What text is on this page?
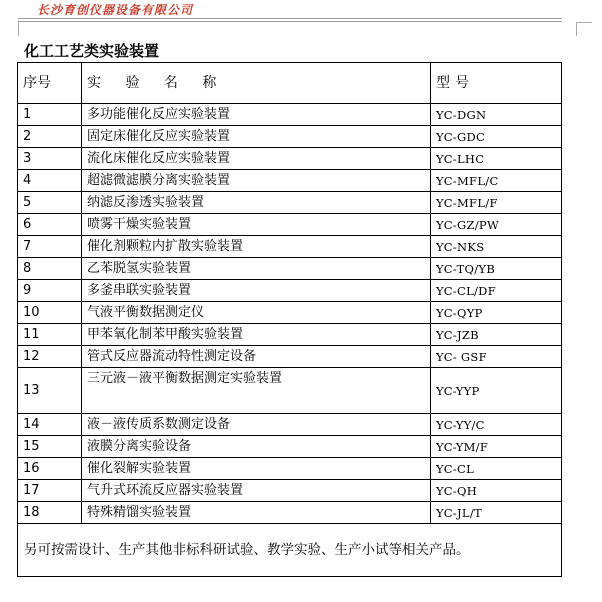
长沙育创仪器设备有限公司
化工工艺类实验装置
序号	实 验 名 称	型 号
1	多功能催化反应实验装置	YC-DGN
2	固定床催化反应实验装置	YC-GDC
3	流化床催化反应实验装置	YC-LHC
4	超滤微滤膜分离实验装置	YC-MFL/C
5	纳滤反渗透实验装置	YC-MFL/F
6	喷雾干燥实验装置	YC-GZ/PW
7	催化剂颗粒内扩散实验装置	YC-NKS
8	乙苯脱氢实验装置	YC-TQ/YB
9	多釜串联实验装置	YC-CL/DF
10	气液平衡数据测定仪	YC-QYP
11	甲苯氧化制苯甲酸实验装置	YC-JZB
12	管式反应器流动特性测定设备	YC- GSF
13	三元液－液平衡数据测定实验装置	YC-YYP
14	液－液传质系数测定设备	YC-YY/C
15	液膜分离实验设备	YC-YM/F
16	催化裂解实验装置	YC-CL
17	气升式环流反应器实验装置	YC-QH
18	特殊精馏实验装置	YC-JL/T
另可按需设计、生产其他非标科研试验、教学实验、生产小试等相关产品。		
